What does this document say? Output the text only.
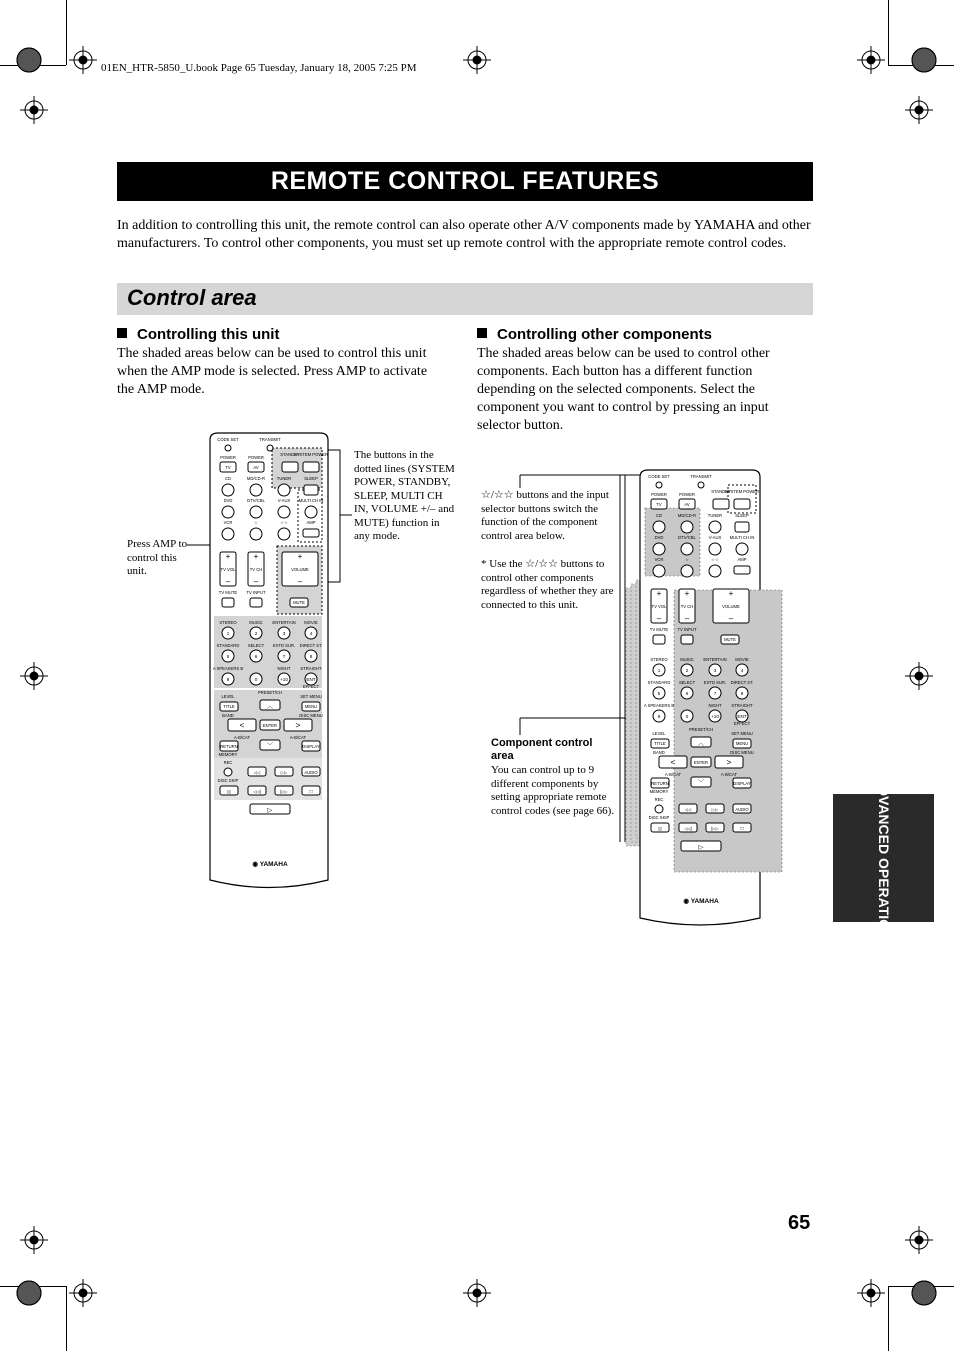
01EN_HTR-5850_U.book Page 65 Tuesday, January 18, 2005 7:25 PM
REMOTE CONTROL FEATURES
In addition to controlling this unit, the remote control can also operate other A/V components made by YAMAHA and other manufacturers. To control other components, you must set up remote control with the appropriate remote control codes.
Control area
Controlling this unit
The shaded areas below can be used to control this unit when the AMP mode is selected. Press AMP to activate the AMP mode.
Controlling other components
The shaded areas below can be used to control other components. Each button has a different function depending on the selected components. Select the component you want to control by pressing an input selector button.
Press AMP to control this unit.
The buttons in the dotted lines (SYSTEM POWER, STANDBY, SLEEP, MULTI CH IN, VOLUME +/– and MUTE) function in any mode.
☆/☆☆ buttons and the input selector buttons switch the function of the component control area below.
* Use the ☆/☆☆ buttons to control other components regardless of whether they are connected to this unit.
Component control area
You can control up to 9 different components by setting appropriate remote control codes (see page 66).
CODE SET	TRANSMIT
STANDBY
SYSTEM POWER
POWER	POWER
TV	AV
CD	MD/CD-R	TUNER	SLEEP
DVD	DTV/CBL	V-AUX MULTI CH IN
VCR	☆	☆☆	AMP
+
–
TV VOL
+
–
TV CH
+
–
VOLUME
TV MUTE TV INPUT
MUTE
STEREO	MUSIC ENTERTAIN MOVIE
1	2	3	4
STANDARD SELECT EXTD SUR. DIRECT ST.
5	6	7	8
A SPEAKERS B	NIGHT STRAIGHT
9	0	+10	ENT
EFFECT
LEVEL
PRESET/CH
SET MENU
TITLE	MENU
BAND	DISC MENU
︿
<	ENTER >
A-B/CAT	A-B/CAT
RETURN	﹀	DISPLAY
MEMORY
REC
◁◁	▷▷	AUDIO
DISC SKIP
▯▯	◁◁|	|▷▷	□
▷
◉ YAMAHA
CODE SET	TRANSMIT
STANDBY
SYSTEM POWER
POWER	POWER
TV	AV
CD	MD/CD-R	TUNER	SLEEP
DVD	DTV/CBL	V-AUX MULTI CH IN
VCR	☆	☆☆	AMP
+
–
TV VOL
+
–
TV CH
+
–
VOLUME
TV MUTE TV INPUT
MUTE
STEREO	MUSIC ENTERTAIN MOVIE
1	2	3	4
STANDARD SELECT EXTD SUR. DIRECT ST.
5	6	7	8
A SPEAKERS B	NIGHT STRAIGHT
9	0	+10	ENT
EFFECT
LEVEL
PRESET/CH
SET MENU
TITLE	MENU
BAND	DISC MENU
︿
<	ENTER >
A-B/CAT	A-B/CAT
RETURN	﹀	DISPLAY
MEMORY
REC
◁◁	▷▷	AUDIO
DISC SKIP
▯▯	◁◁|	|▷▷	□
▷
◉ YAMAHA	ADVANCED OPERATION
65
